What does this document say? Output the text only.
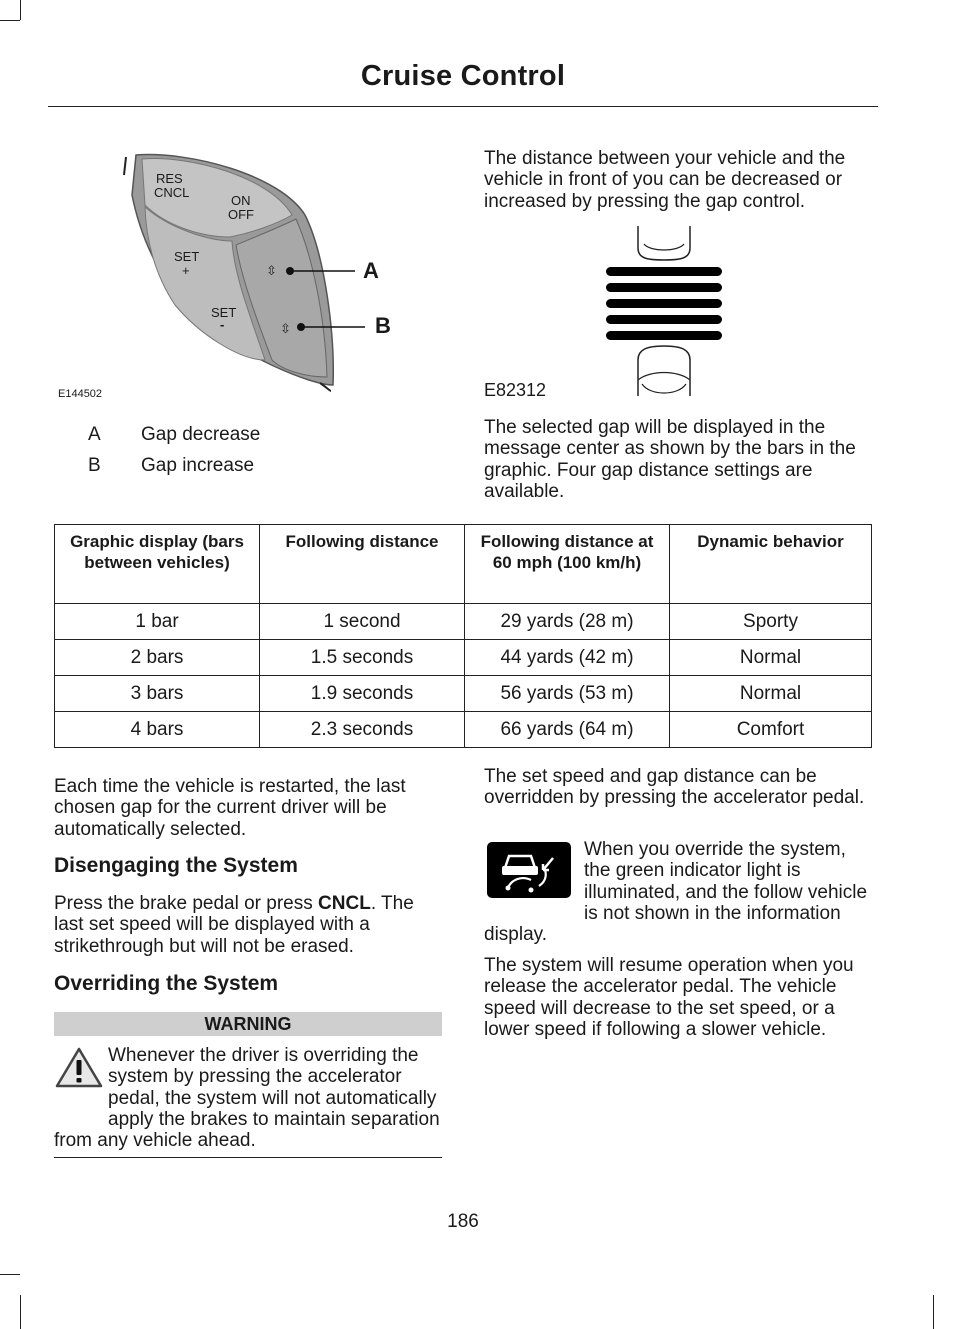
Cruise Control
⇳
⇳
RES
CNCL
ON
OFF
SET
+
SET
-
A
B
E144502
A Gap decrease
B Gap increase
The distance between your vehicle and the vehicle in front of you can be decreased or increased by pressing the gap control.
E82312
The selected gap will be displayed in the message center as shown by the bars in the graphic. Four gap distance settings are available.
Graphic display (bars between vehicles)	Following distance	Following distance at 60 mph (100 km/h)	Dynamic behavior
1 bar	1 second	29 yards (28 m)	Sporty
2 bars	1.5 seconds	44 yards (42 m)	Normal
3 bars	1.9 seconds	56 yards (53 m)	Normal
4 bars	2.3 seconds	66 yards (64 m)	Comfort
Each time the vehicle is restarted, the last chosen gap for the current driver will be automatically selected.
Disengaging the System
Press the brake pedal or press CNCL. The last set speed will be displayed with a strikethrough but will not be erased.
Overriding the System
WARNING
Whenever the driver is overriding the system by pressing the accelerator pedal, the system will not automatically apply the brakes to maintain separation from any vehicle ahead.
The set speed and gap distance can be overridden by pressing the accelerator pedal.
When you override the system, the green indicator light is illuminated, and the follow vehicle is not shown in the information display.
The system will resume operation when you release the accelerator pedal. The vehicle speed will decrease to the set speed, or a lower speed if following a slower vehicle.
186
